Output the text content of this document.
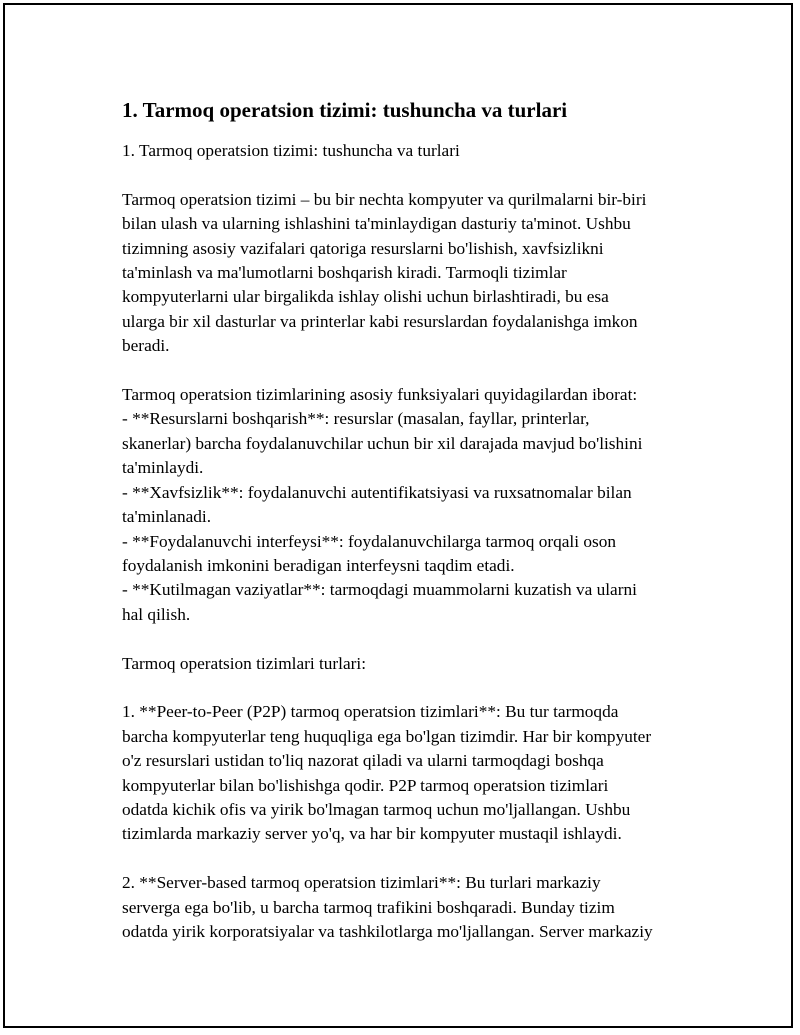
1. Tarmoq operatsion tizimi: tushuncha va turlari

1. Tarmoq operatsion tizimi: tushuncha va turlari

Tarmoq operatsion tizimi – bu bir nechta kompyuter va qurilmalarni bir-biri
bilan ulash va ularning ishlashini ta'minlaydigan dasturiy ta'minot. Ushbu
tizimning asosiy vazifalari qatoriga resurslarni bo'lishish, xavfsizlikni
ta'minlash va ma'lumotlarni boshqarish kiradi. Tarmoqli tizimlar
kompyuterlarni ular birgalikda ishlay olishi uchun birlashtiradi, bu esa
ularga bir xil dasturlar va printerlar kabi resurslardan foydalanishga imkon
beradi.

Tarmoq operatsion tizimlarining asosiy funksiyalari quyidagilardan iborat:
- **Resurslarni boshqarish**: resurslar (masalan, fayllar, printerlar,
skanerlar) barcha foydalanuvchilar uchun bir xil darajada mavjud bo'lishini
ta'minlaydi.
- **Xavfsizlik**: foydalanuvchi autentifikatsiyasi va ruxsatnomalar bilan
ta'minlanadi.
- **Foydalanuvchi interfeysi**: foydalanuvchilarga tarmoq orqali oson
foydalanish imkonini beradigan interfeysni taqdim etadi.
- **Kutilmagan vaziyatlar**: tarmoqdagi muammolarni kuzatish va ularni
hal qilish.

Tarmoq operatsion tizimlari turlari:

1. **Peer-to-Peer (P2P) tarmoq operatsion tizimlari**: Bu tur tarmoqda
barcha kompyuterlar teng huquqliga ega bo'lgan tizimdir. Har bir kompyuter
o'z resurslari ustidan to'liq nazorat qiladi va ularni tarmoqdagi boshqa
kompyuterlar bilan bo'lishishga qodir. P2P tarmoq operatsion tizimlari
odatda kichik ofis va yirik bo'lmagan tarmoq uchun mo'ljallangan. Ushbu
tizimlarda markaziy server yo'q, va har bir kompyuter mustaqil ishlaydi.

2. **Server-based tarmoq operatsion tizimlari**: Bu turlari markaziy
serverga ega bo'lib, u barcha tarmoq trafikini boshqaradi. Bunday tizim
odatda yirik korporatsiyalar va tashkilotlarga mo'ljallangan. Server markaziy
